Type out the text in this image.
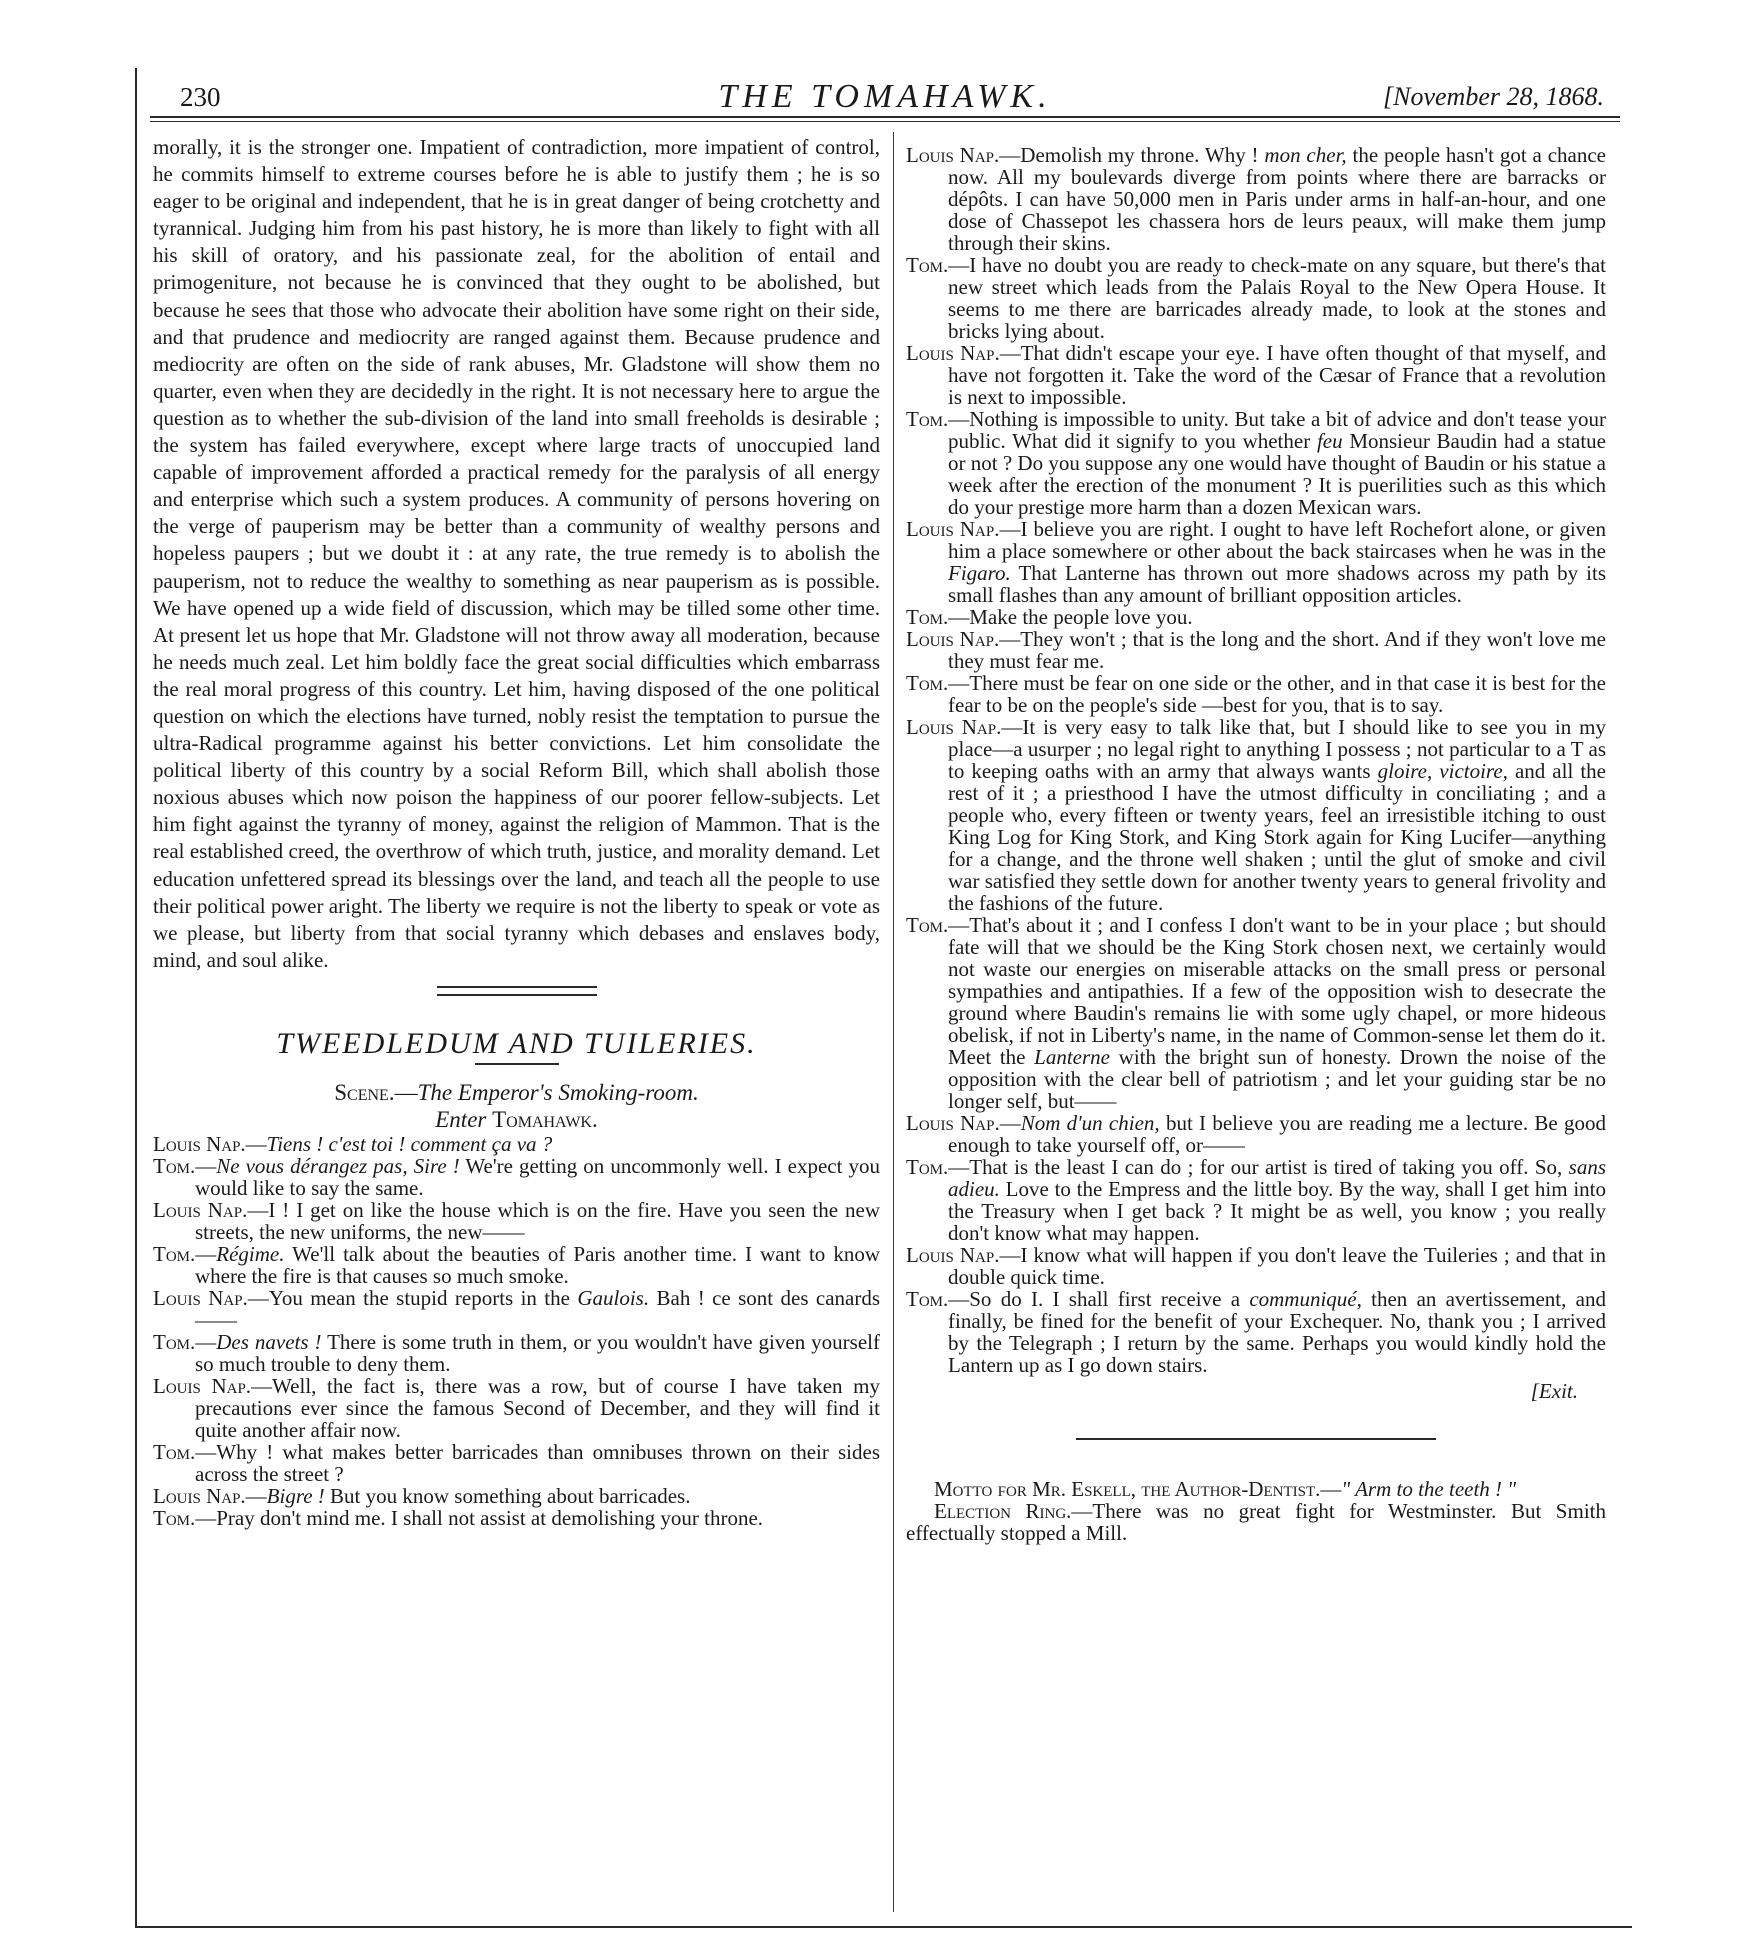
230	THE TOMAHAWK.	[November 28, 1868.

morally, it is the stronger one. Impatient of contradiction, more impatient of control, he commits himself to extreme courses before he is able to justify them ; he is so eager to be original and independent, that he is in great danger of being crotchetty and tyrannical. Judging him from his past history, he is more than likely to fight with all his skill of oratory, and his passionate zeal, for the abolition of entail and primogeniture, not because he is convinced that they ought to be abolished, but because he sees that those who advocate their abolition have some right on their side, and that prudence and mediocrity are ranged against them. Because prudence and mediocrity are often on the side of rank abuses, Mr. Gladstone will show them no quarter, even when they are decidedly in the right. It is not necessary here to argue the question as to whether the sub-division of the land into small freeholds is desirable ; the system has failed everywhere, except where large tracts of unoccupied land capable of improvement afforded a practical remedy for the paralysis of all energy and enterprise which such a system produces. A community of persons hovering on the verge of pauperism may be better than a community of wealthy persons and hopeless paupers ; but we doubt it : at any rate, the true remedy is to abolish the pauperism, not to reduce the wealthy to something as near pauperism as is possible. We have opened up a wide field of discussion, which may be tilled some other time. At present let us hope that Mr. Gladstone will not throw away all moderation, because he needs much zeal. Let him boldly face the great social difficulties which embarrass the real moral progress of this country. Let him, having disposed of the one political question on which the elections have turned, nobly resist the temptation to pursue the ultra-Radical programme against his better convictions. Let him consolidate the political liberty of this country by a social Reform Bill, which shall abolish those noxious abuses which now poison the happiness of our poorer fellow-subjects. Let him fight against the tyranny of money, against the religion of Mammon. That is the real established creed, the overthrow of which truth, justice, and morality demand. Let education unfettered spread its blessings over the land, and teach all the people to use their political power aright. The liberty we require is not the liberty to speak or vote as we please, but liberty from that social tyranny which debases and enslaves body, mind, and soul alike.

TWEEDLEDUM AND TUILERIES.
Scene.—The Emperor's Smoking-room.
Enter Tomahawk.

Louis Nap.—Tiens ! c'est toi ! comment ça va ?

Tom.—Ne vous dérangez pas, Sire ! We're getting on uncommonly well. I expect you would like to say the same.

Louis Nap.—I ! I get on like the house which is on the fire. Have you seen the new streets, the new uniforms, the new——

Tom.—Régime. We'll talk about the beauties of Paris another time. I want to know where the fire is that causes so much smoke.

Louis Nap.—You mean the stupid reports in the Gaulois. Bah ! ce sont des canards——

Tom.—Des navets ! There is some truth in them, or you wouldn't have given yourself so much trouble to deny them.

Louis Nap.—Well, the fact is, there was a row, but of course I have taken my precautions ever since the famous Second of December, and they will find it quite another affair now.

Tom.—Why ! what makes better barricades than omnibuses thrown on their sides across the street ?

Louis Nap.—Bigre ! But you know something about barricades.

Tom.—Pray don't mind me. I shall not assist at demolishing your throne.

Louis Nap.—Demolish my throne. Why ! mon cher, the people hasn't got a chance now. All my boulevards diverge from points where there are barracks or dépôts. I can have 50,000 men in Paris under arms in half-an-hour, and one dose of Chassepot les chassera hors de leurs peaux, will make them jump through their skins.

Tom.—I have no doubt you are ready to check-mate on any square, but there's that new street which leads from the Palais Royal to the New Opera House. It seems to me there are barricades already made, to look at the stones and bricks lying about.

Louis Nap.—That didn't escape your eye. I have often thought of that myself, and have not forgotten it. Take the word of the Cæsar of France that a revolution is next to impossible.

Tom.—Nothing is impossible to unity. But take a bit of advice and don't tease your public. What did it signify to you whether feu Monsieur Baudin had a statue or not ? Do you suppose any one would have thought of Baudin or his statue a week after the erection of the monument ? It is puerilities such as this which do your prestige more harm than a dozen Mexican wars.

Louis Nap.—I believe you are right. I ought to have left Rochefort alone, or given him a place somewhere or other about the back staircases when he was in the Figaro. That Lanterne has thrown out more shadows across my path by its small flashes than any amount of brilliant opposition articles.

Tom.—Make the people love you.

Louis Nap.—They won't ; that is the long and the short. And if they won't love me they must fear me.

Tom.—There must be fear on one side or the other, and in that case it is best for the fear to be on the people's side —best for you, that is to say.

Louis Nap.—It is very easy to talk like that, but I should like to see you in my place—a usurper ; no legal right to anything I possess ; not particular to a T as to keeping oaths with an army that always wants gloire, victoire, and all the rest of it ; a priesthood I have the utmost difficulty in conciliating ; and a people who, every fifteen or twenty years, feel an irresistible itching to oust King Log for King Stork, and King Stork again for King Lucifer—anything for a change, and the throne well shaken ; until the glut of smoke and civil war satisfied they settle down for another twenty years to general frivolity and the fashions of the future.

Tom.—That's about it ; and I confess I don't want to be in your place ; but should fate will that we should be the King Stork chosen next, we certainly would not waste our energies on miserable attacks on the small press or personal sympathies and antipathies. If a few of the opposition wish to desecrate the ground where Baudin's remains lie with some ugly chapel, or more hideous obelisk, if not in Liberty's name, in the name of Common-sense let them do it. Meet the Lanterne with the bright sun of honesty. Drown the noise of the opposition with the clear bell of patriotism ; and let your guiding star be no longer self, but——

Louis Nap.—Nom d'un chien, but I believe you are reading me a lecture. Be good enough to take yourself off, or——

Tom.—That is the least I can do ; for our artist is tired of taking you off. So, sans adieu. Love to the Empress and the little boy. By the way, shall I get him into the Treasury when I get back ? It might be as well, you know ; you really don't know what may happen.

Louis Nap.—I know what will happen if you don't leave the Tuileries ; and that in double quick time.

Tom.—So do I. I shall first receive a communiqué, then an avertissement, and finally, be fined for the benefit of your Exchequer. No, thank you ; I arrived by the Telegraph ; I return by the same. Perhaps you would kindly hold the Lantern up as I go down stairs.

[Exit.

Motto for Mr. Eskell, the Author-Dentist.—" Arm to the teeth ! "

Election Ring.—There was no great fight for Westminster. But Smith effectually stopped a Mill.
